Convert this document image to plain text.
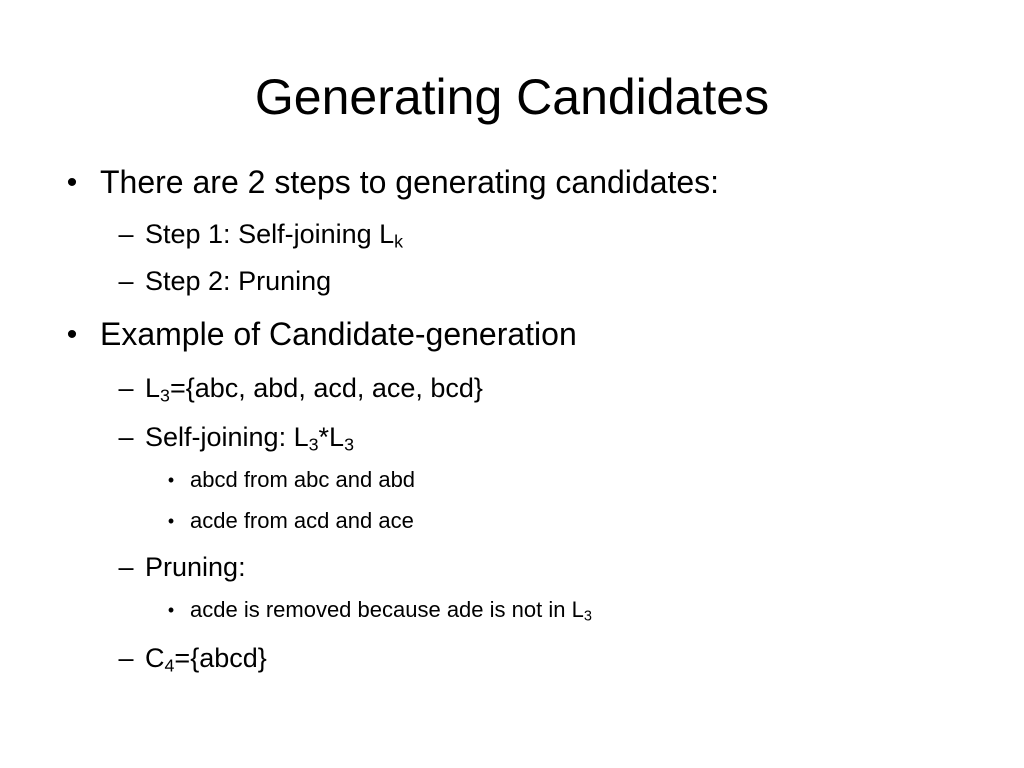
Generating Candidates
• There are 2 steps to generating candidates:
– Step 1: Self-joining $L_k$
– Step 2: Pruning
• Example of Candidate-generation
– $L_3=\{abc$, abd, acd, ace, bcd}
– Self-joining: $L_3*L_3$
• abcd from abc and abd
• acde from acd and ace
– Pruning:
• acde is removed because ade is not in $L_3$
– $C_4=\{abcd\}$
